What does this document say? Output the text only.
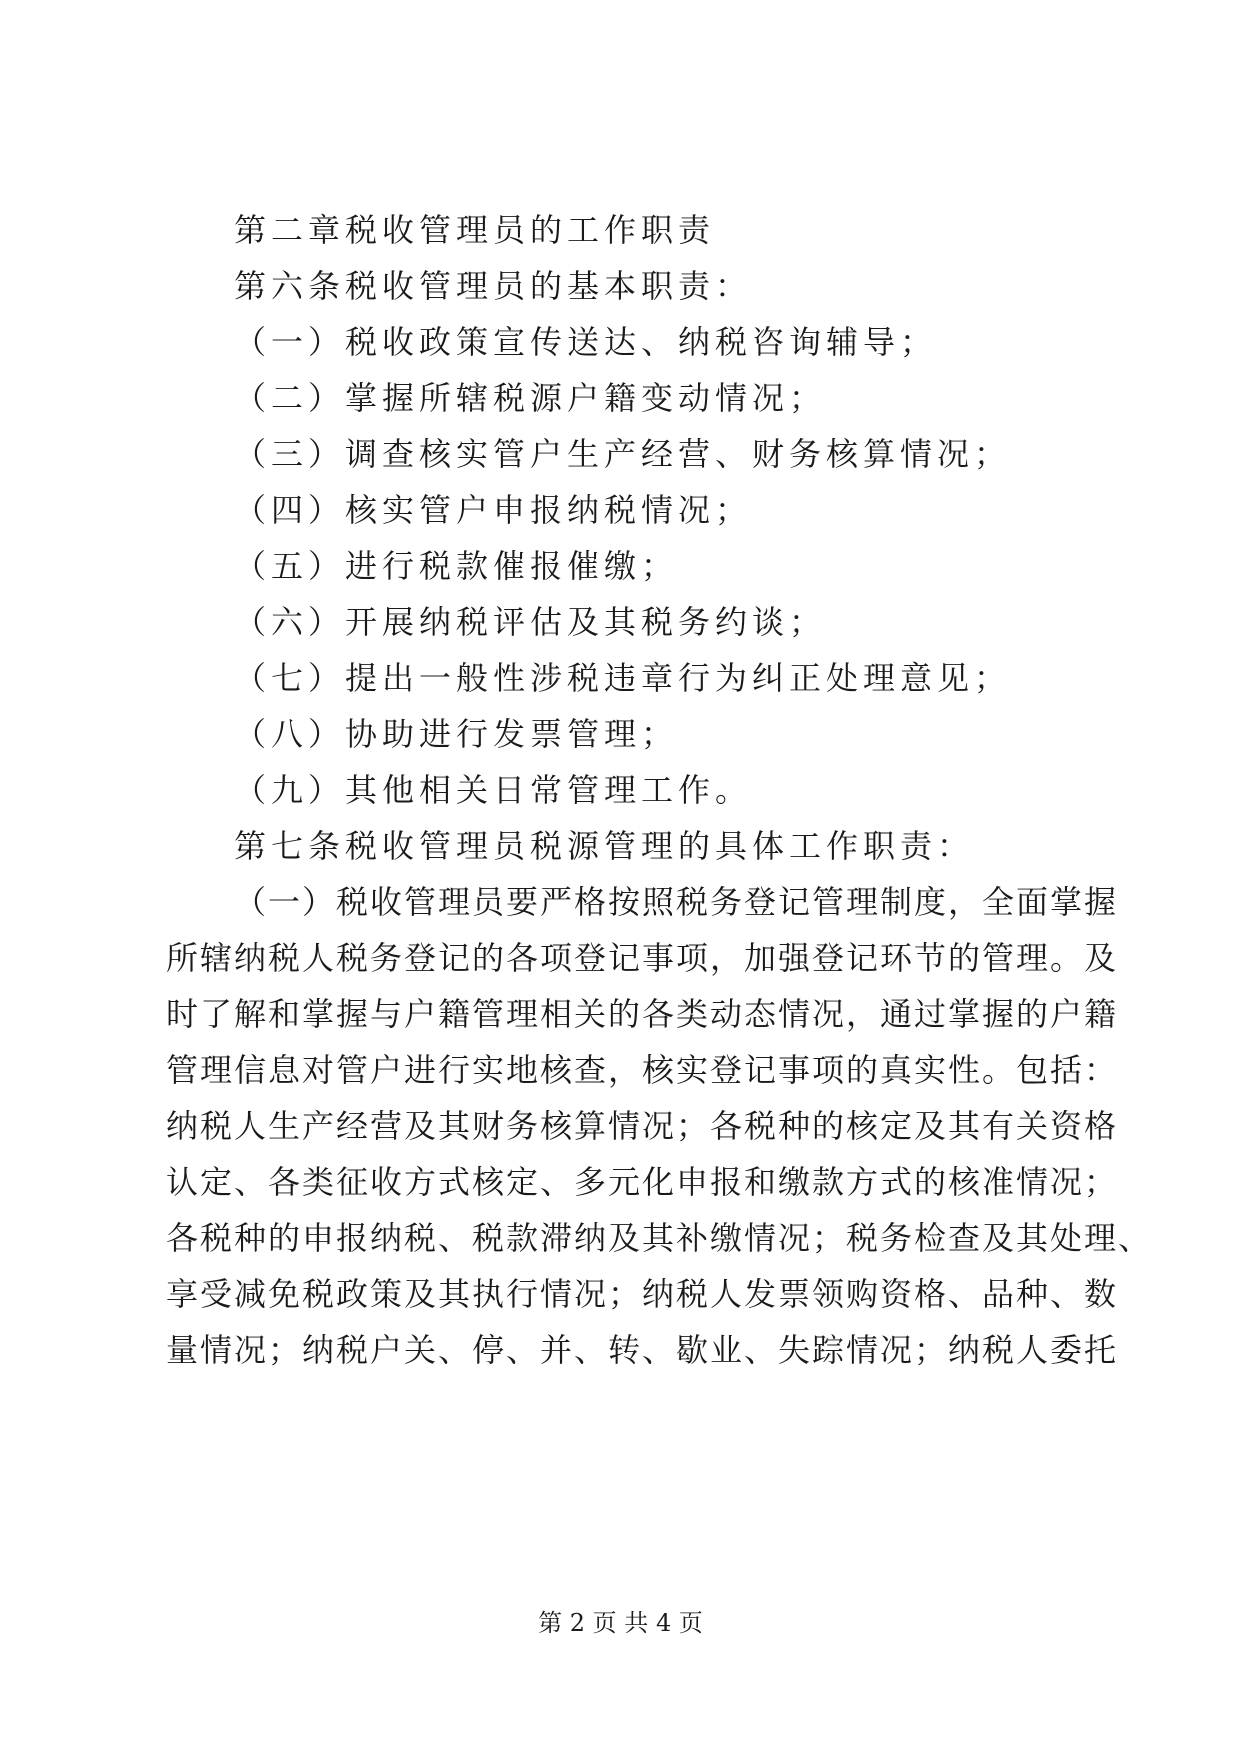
第二章税收管理员的工作职责
第六条税收管理员的基本职责：
（一）税收政策宣传送达、纳税咨询辅导；
（二）掌握所辖税源户籍变动情况；
（三）调查核实管户生产经营、财务核算情况；
（四）核实管户申报纳税情况；
（五）进行税款催报催缴；
（六）开展纳税评估及其税务约谈；
（七）提出一般性涉税违章行为纠正处理意见；
（八）协助进行发票管理；
（九）其他相关日常管理工作。
第七条税收管理员税源管理的具体工作职责：
（一）税收管理员要严格按照税务登记管理制度，全面掌握
所辖纳税人税务登记的各项登记事项，加强登记环节的管理。及
时了解和掌握与户籍管理相关的各类动态情况，通过掌握的户籍
管理信息对管户进行实地核查，核实登记事项的真实性。包括：
纳税人生产经营及其财务核算情况；各税种的核定及其有关资格
认定、各类征收方式核定、多元化申报和缴款方式的核准情况；
各税种的申报纳税、税款滞纳及其补缴情况；税务检查及其处理、
享受减免税政策及其执行情况；纳税人发票领购资格、品种、数
量情况；纳税户关、停、并、转、歇业、失踪情况；纳税人委托
第 2 页 共 4 页
